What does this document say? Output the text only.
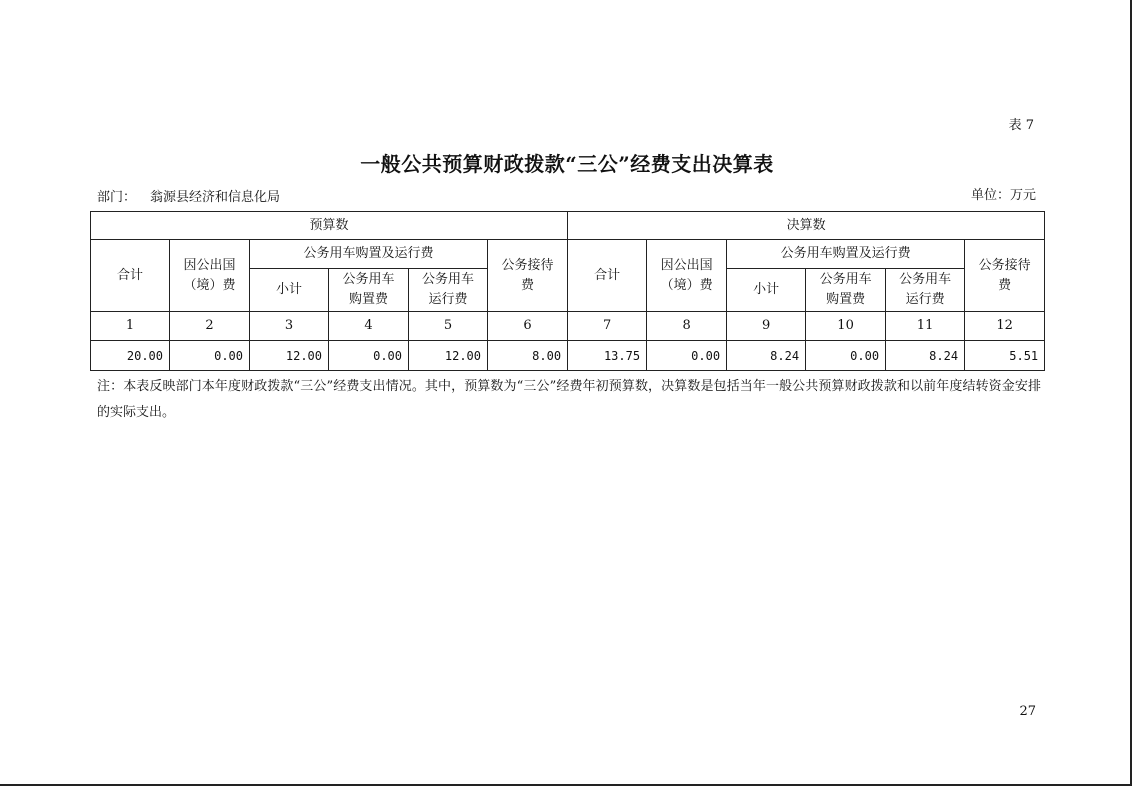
表 7
一般公共预算财政拨款“三公”经费支出决算表
部门： 翁源县经济和信息化局	单位：万元
预算数						决算数					
合计	因公出国（境）费	公务用车购置及运行费			公务接待费	合计	因公出国（境）费	公务用车购置及运行费			公务接待费
		小计	公务用车购置费	公务用车运行费				小计	公务用车购置费	公务用车运行费	
1	2	3	4	5	6	7	8	9	10	11	12
20.00	0.00	12.00	0.00	12.00	8.00	13.75	0.00	8.24	0.00	8.24	5.51
注：本表反映部门本年度财政拨款“三公”经费支出情况。其中，预算数为“三公”经费年初预算数，决算数是包括当年一般公共预算财政拨款和以前年度结转资金安排的实际支出。
27
